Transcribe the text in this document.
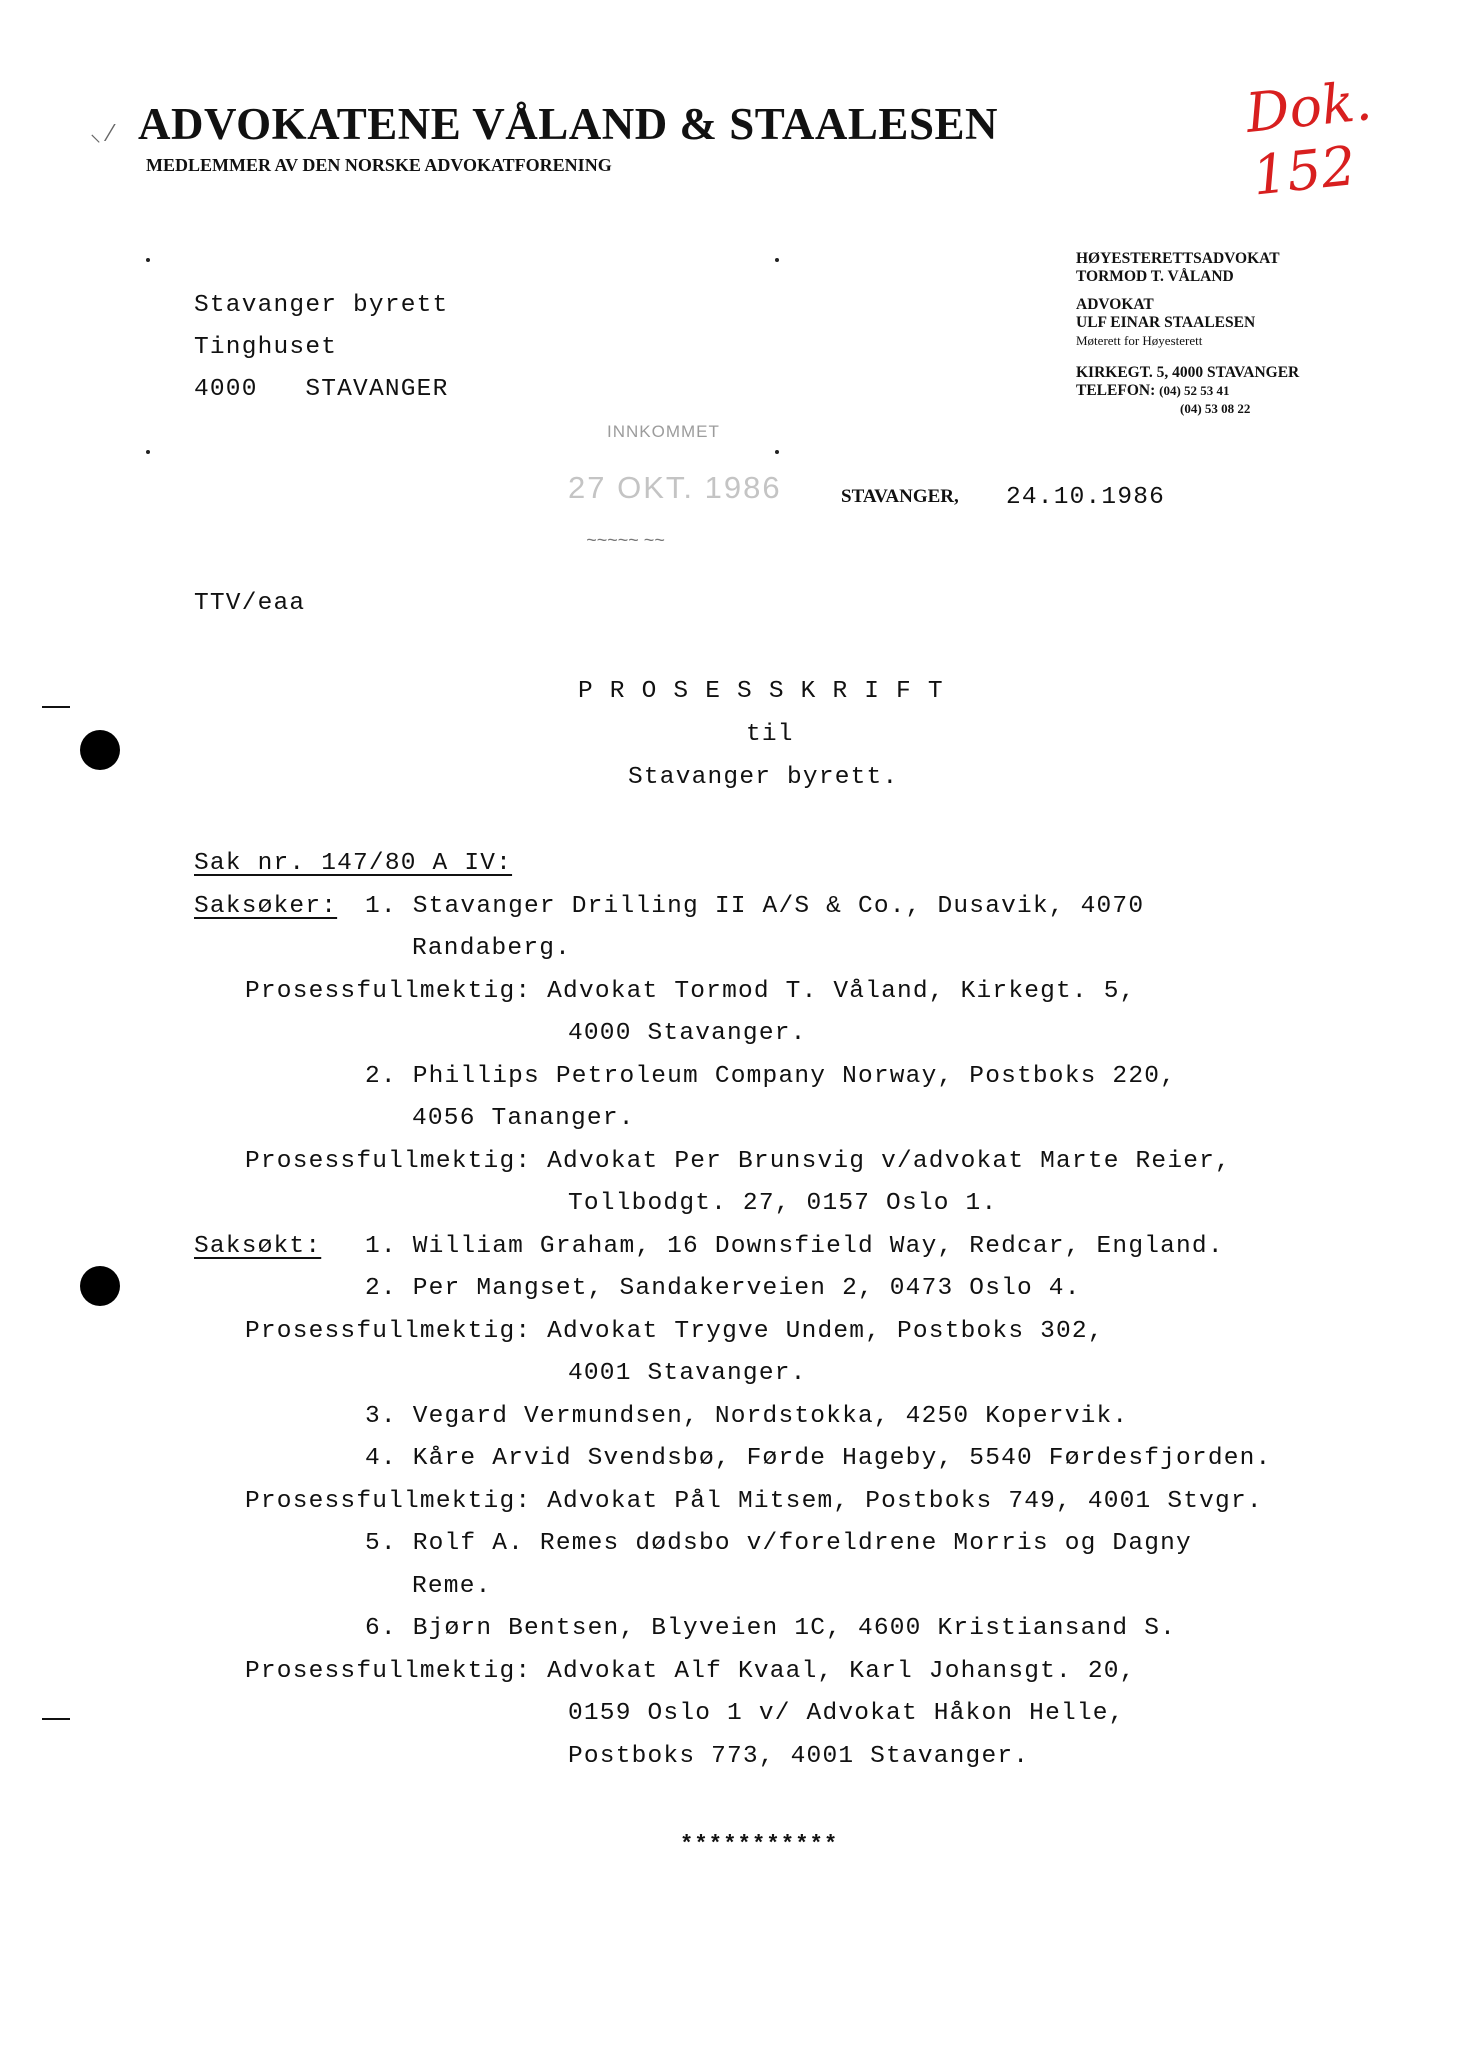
ADVOKATENE VÅLAND & STAALESEN
MEDLEMMER AV DEN NORSKE ADVOKATFORENING
⸜ ⁄	Dok. 152
HØYESTERETTSADVOKAT
TORMOD T. VÅLAND
ADVOKAT
ULF EINAR STAALESEN
Møterett for Høyesterett
KIRKEGT. 5, 4000 STAVANGER
TELEFON: (04) 52 53 41
(04) 53 08 22
Stavanger byrett
Tinghuset
4000 STAVANGER
INNKOMMET
27 OKT. 1986
~~~~~ ~~
STAVANGER, 24.10.1986
TTV/eaa
P R O S E S S K R I F T
til
Stavanger byrett.
Sak nr. 147/80 A IV:
Saksøker: 1. Stavanger Drilling II A/S & Co., Dusavik, 4070
Randaberg.
Prosessfullmektig: Advokat Tormod T. Våland, Kirkegt. 5,
4000 Stavanger.
2. Phillips Petroleum Company Norway, Postboks 220,
4056 Tananger.
Prosessfullmektig: Advokat Per Brunsvig v/advokat Marte Reier,
Tollbodgt. 27, 0157 Oslo 1.
Saksøkt: 1. William Graham, 16 Downsfield Way, Redcar, England.
2. Per Mangset, Sandakerveien 2, 0473 Oslo 4.
Prosessfullmektig: Advokat Trygve Undem, Postboks 302,
4001 Stavanger.
3. Vegard Vermundsen, Nordstokka, 4250 Kopervik.
4. Kåre Arvid Svendsbø, Førde Hageby, 5540 Førdesfjorden.
Prosessfullmektig: Advokat Pål Mitsem, Postboks 749, 4001 Stvgr.
5. Rolf A. Remes dødsbo v/foreldrene Morris og Dagny
Reme.
6. Bjørn Bentsen, Blyveien 1C, 4600 Kristiansand S.
Prosessfullmektig: Advokat Alf Kvaal, Karl Johansgt. 20,
0159 Oslo 1 v/ Advokat Håkon Helle,
Postboks 773, 4001 Stavanger.
***********
